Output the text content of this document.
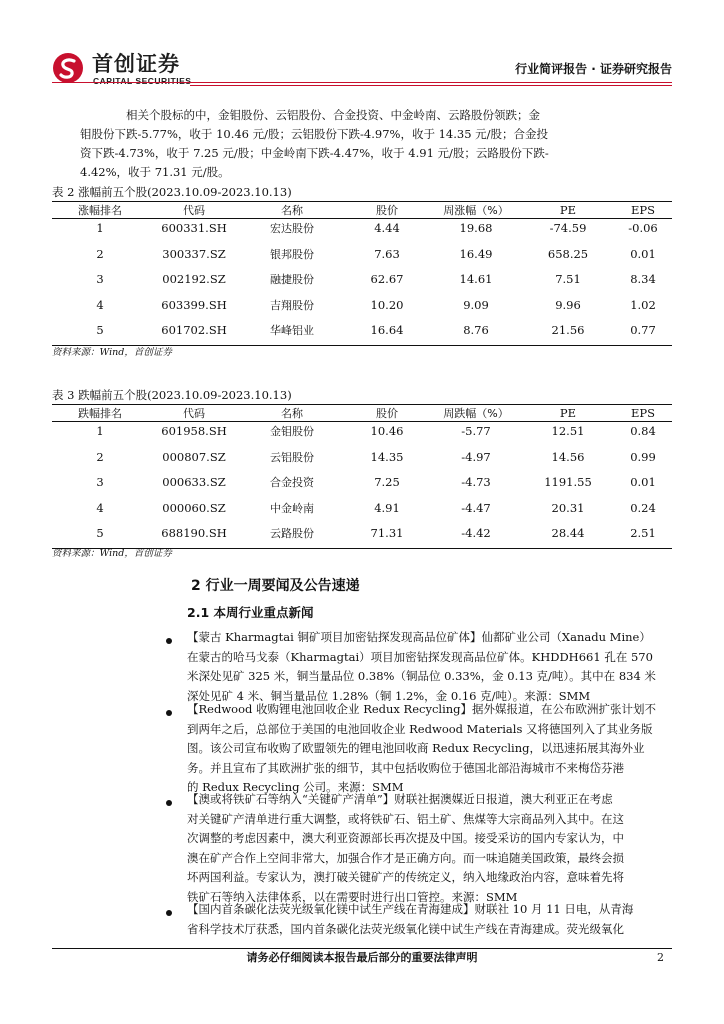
首创证券
CAPITAL SECURITIES
行业简评报告 · 证券研究报告
相关个股标的中，金钼股份、云铝股份、合金投资、中金岭南、云路股份领跌；金
钼股份下跌-5.77%，收于 10.46 元/股；云铝股份下跌-4.97%，收于 14.35 元/股；合金投
资下跌-4.73%，收于 7.25 元/股；中金岭南下跌-4.47%，收于 4.91 元/股；云路股份下跌-
4.42%，收于 71.31 元/股。
表 2 涨幅前五个股(2023.10.09-2023.10.13)
涨幅排名	代码	名称	股价	周涨幅（%）	PE	EPS
1	600331.SH	宏达股份	4.44	19.68	-74.59	-0.06
2	300337.SZ	银邦股份	7.63	16.49	658.25	0.01
3	002192.SZ	融捷股份	62.67	14.61	7.51	8.34
4	603399.SH	吉翔股份	10.20	9.09	9.96	1.02
5	601702.SH	华峰铝业	16.64	8.76	21.56	0.77
资料来源：Wind，首创证券
表 3 跌幅前五个股(2023.10.09-2023.10.13)
跌幅排名	代码	名称	股价	周跌幅（%）	PE	EPS
1	601958.SH	金钼股份	10.46	-5.77	12.51	0.84
2	000807.SZ	云铝股份	14.35	-4.97	14.56	0.99
3	000633.SZ	合金投资	7.25	-4.73	1191.55	0.01
4	000060.SZ	中金岭南	4.91	-4.47	20.31	0.24
5	688190.SH	云路股份	71.31	-4.42	28.44	2.51
资料来源：Wind，首创证券
2 行业一周要闻及公告速递
2.1 本周行业重点新闻
【蒙古 Kharmagtai 铜矿项目加密钻探发现高品位矿体】仙都矿业公司（Xanadu Mine）
在蒙古的哈马戈泰（Kharmagtai）项目加密钻探发现高品位矿体。KHDDH661 孔在 570
米深处见矿 325 米，铜当量品位 0.38%（铜品位 0.33%，金 0.13 克/吨）。其中在 834 米
深处见矿 4 米、铜当量品位 1.28%（铜 1.2%，金 0.16 克/吨）。来源：SMM
【Redwood 收购锂电池回收企业 Redux Recycling】据外媒报道，在公布欧洲扩张计划不
到两年之后，总部位于美国的电池回收企业 Redwood Materials 又将德国列入了其业务版
图。该公司宣布收购了欧盟领先的锂电池回收商 Redux Recycling，以迅速拓展其海外业
务。并且宣布了其欧洲扩张的细节，其中包括收购位于德国北部沿海城市不来梅岱芬港
的 Redux Recycling 公司。来源：SMM
【澳或将铁矿石等纳入“关键矿产清单”】财联社据澳媒近日报道，澳大利亚正在考虑
对关键矿产清单进行重大调整，或将铁矿石、铝土矿、焦煤等大宗商品列入其中。在这
次调整的考虑因素中，澳大利亚资源部长再次提及中国。接受采访的国内专家认为，中
澳在矿产合作上空间非常大，加强合作才是正确方向。而一味追随美国政策，最终会损
坏两国利益。专家认为，澳打破关键矿产的传统定义，纳入地缘政治内容，意味着先将
铁矿石等纳入法律体系，以在需要时进行出口管控。来源：SMM
【国内首条碳化法荧光级氧化镁中试生产线在青海建成】财联社 10 月 11 日电，从青海
省科学技术厅获悉，国内首条碳化法荧光级氧化镁中试生产线在青海建成。荧光级氧化
请务必仔细阅读本报告最后部分的重要法律声明	2
